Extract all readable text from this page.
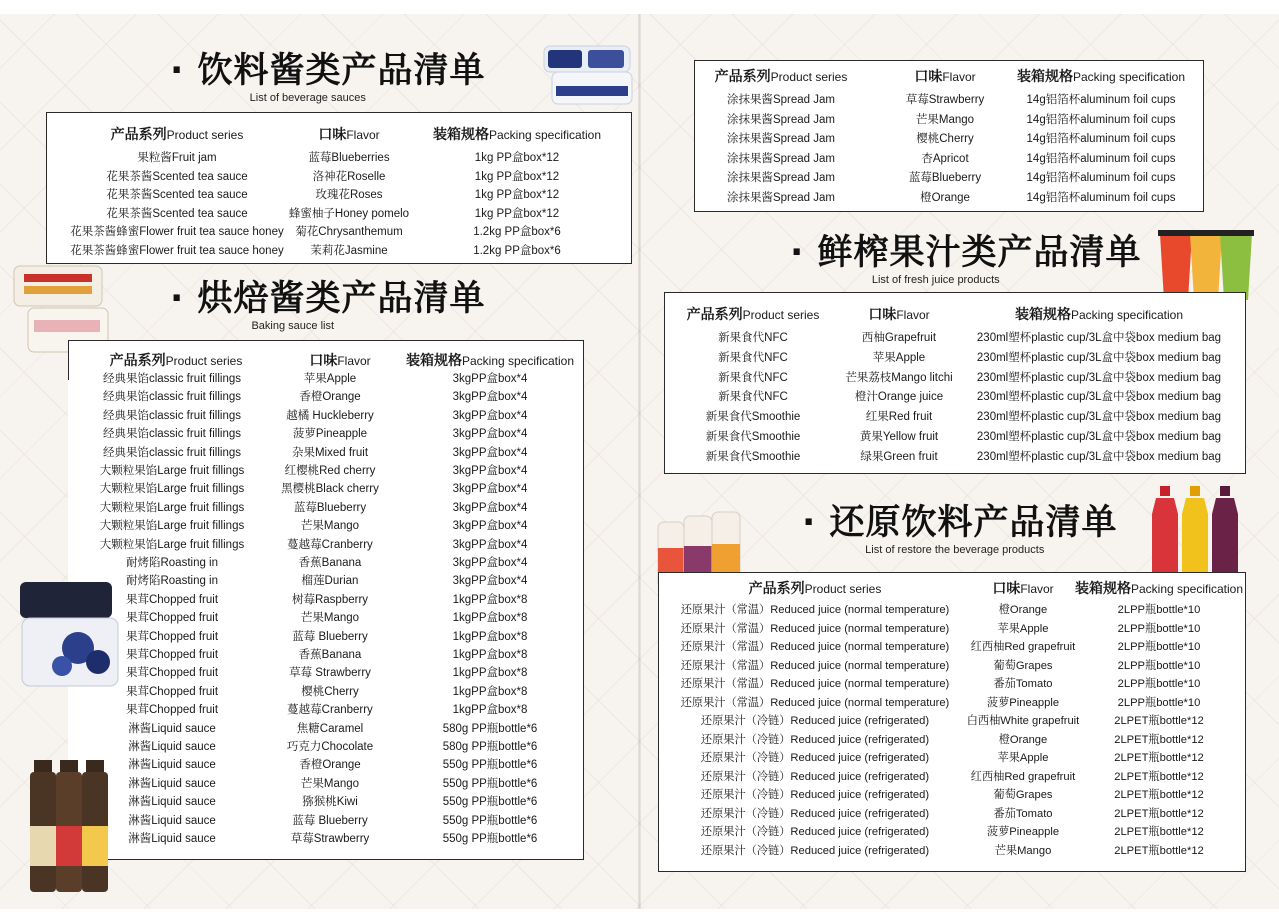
· 饮料酱类产品清单
List of beverage sauces
产品系列Product series	口味Flavor	装箱规格Packing specification
果粒酱Fruit jam	蓝莓Blueberries	1kg PP盒box*12
花果茶酱Scented tea sauce	洛神花Roselle	1kg PP盒box*12
花果茶酱Scented tea sauce	玫瑰花Roses	1kg PP盒box*12
花果茶酱Scented tea sauce	蜂蜜柚子Honey pomelo	1kg PP盒box*12
花果茶酱蜂蜜Flower fruit tea sauce honey 菊花Chrysanthemum	1.2kg PP盒box*6
花果茶酱蜂蜜Flower fruit tea sauce honey 茉莉花Jasmine	1.2kg PP盒box*6
· 烘焙酱类产品清单
Baking sauce list
产品系列Product series	口味Flavor	装箱规格Packing specification
经典果馅classic fruit fillings	苹果Apple	3kgPP盒box*4
经典果馅classic fruit fillings	香橙Orange	3kgPP盒box*4
经典果馅classic fruit fillings	越橘 Huckleberry	3kgPP盒box*4
经典果馅classic fruit fillings	菠萝Pineapple	3kgPP盒box*4
经典果馅classic fruit fillings	杂果Mixed fruit	3kgPP盒box*4
大颗粒果馅Large fruit fillings	红樱桃Red cherry	3kgPP盒box*4
大颗粒果馅Large fruit fillings	黑樱桃Black cherry	3kgPP盒box*4
大颗粒果馅Large fruit fillings	蓝莓Blueberry	3kgPP盒box*4
大颗粒果馅Large fruit fillings	芒果Mango	3kgPP盒box*4
大颗粒果馅Large fruit fillings	蔓越莓Cranberry	3kgPP盒box*4
耐烤陷Roasting in	香蕉Banana	3kgPP盒box*4
耐烤陷Roasting in	榴莲Durian	3kgPP盒box*4
果茸Chopped fruit	树莓Raspberry	1kgPP盒box*8
果茸Chopped fruit	芒果Mango	1kgPP盒box*8
果茸Chopped fruit	蓝莓 Blueberry	1kgPP盒box*8
果茸Chopped fruit	香蕉Banana	1kgPP盒box*8
果茸Chopped fruit	草莓 Strawberry	1kgPP盒box*8
果茸Chopped fruit	樱桃Cherry	1kgPP盒box*8
果茸Chopped fruit	蔓越莓Cranberry	1kgPP盒box*8
淋酱Liquid sauce	焦糖Caramel	580g PP瓶bottle*6
淋酱Liquid sauce	巧克力Chocolate	580g PP瓶bottle*6
淋酱Liquid sauce	香橙Orange	550g PP瓶bottle*6
淋酱Liquid sauce	芒果Mango	550g PP瓶bottle*6
淋酱Liquid sauce	猕猴桃Kiwi	550g PP瓶bottle*6
淋酱Liquid sauce	蓝莓 Blueberry	550g PP瓶bottle*6
淋酱Liquid sauce	草莓Strawberry	550g PP瓶bottle*6
产品系列Product series	口味Flavor	装箱规格Packing specification
涂抹果酱Spread Jam	草莓Strawberry	14g铝箔杯aluminum foil cups
涂抹果酱Spread Jam	芒果Mango	14g铝箔杯aluminum foil cups
涂抹果酱Spread Jam	樱桃Cherry	14g铝箔杯aluminum foil cups
涂抹果酱Spread Jam	杏Apricot	14g铝箔杯aluminum foil cups
涂抹果酱Spread Jam	蓝莓Blueberry	14g铝箔杯aluminum foil cups
涂抹果酱Spread Jam	橙Orange	14g铝箔杯aluminum foil cups
· 鲜榨果汁类产品清单
List of fresh juice products
产品系列Product series	口味Flavor	装箱规格Packing specification
新果食代NFC	西柚Grapefruit	230ml塑杯plastic cup/3L盒中袋box medium bag
新果食代NFC	苹果Apple	230ml塑杯plastic cup/3L盒中袋box medium bag
新果食代NFC	芒果荔枝Mango litchi 230ml塑杯plastic cup/3L盒中袋box medium bag
新果食代NFC	橙汁Orange juice	230ml塑杯plastic cup/3L盒中袋box medium bag
新果食代Smoothie	红果Red fruit	230ml塑杯plastic cup/3L盒中袋box medium bag
新果食代Smoothie	黄果Yellow fruit	230ml塑杯plastic cup/3L盒中袋box medium bag
新果食代Smoothie	绿果Green fruit	230ml塑杯plastic cup/3L盒中袋box medium bag
· 还原饮料产品清单
List of restore the beverage products
产品系列Product series	口味Flavor 装箱规格Packing specification
还原果汁（常温）Reduced juice (normal temperature)	橙Orange	2LPP瓶bottle*10
还原果汁（常温）Reduced juice (normal temperature)	苹果Apple	2LPP瓶bottle*10
还原果汁（常温）Reduced juice (normal temperature) 红西柚Red grapefruit	2LPP瓶bottle*10
还原果汁（常温）Reduced juice (normal temperature)	葡萄Grapes	2LPP瓶bottle*10
还原果汁（常温）Reduced juice (normal temperature)	番茄Tomato	2LPP瓶bottle*10
还原果汁（常温）Reduced juice (normal temperature)	菠萝Pineapple	2LPP瓶bottle*10
还原果汁（冷链）Reduced juice (refrigerated)	白西柚White grapefruit	2LPET瓶bottle*12
还原果汁（冷链）Reduced juice (refrigerated)	橙Orange	2LPET瓶bottle*12
还原果汁（冷链）Reduced juice (refrigerated)	苹果Apple	2LPET瓶bottle*12
还原果汁（冷链）Reduced juice (refrigerated)	红西柚Red grapefruit	2LPET瓶bottle*12
还原果汁（冷链）Reduced juice (refrigerated)	葡萄Grapes	2LPET瓶bottle*12
还原果汁（冷链）Reduced juice (refrigerated)	番茄Tomato	2LPET瓶bottle*12
还原果汁（冷链）Reduced juice (refrigerated)	菠萝Pineapple	2LPET瓶bottle*12
还原果汁（冷链）Reduced juice (refrigerated)	芒果Mango	2LPET瓶bottle*12
